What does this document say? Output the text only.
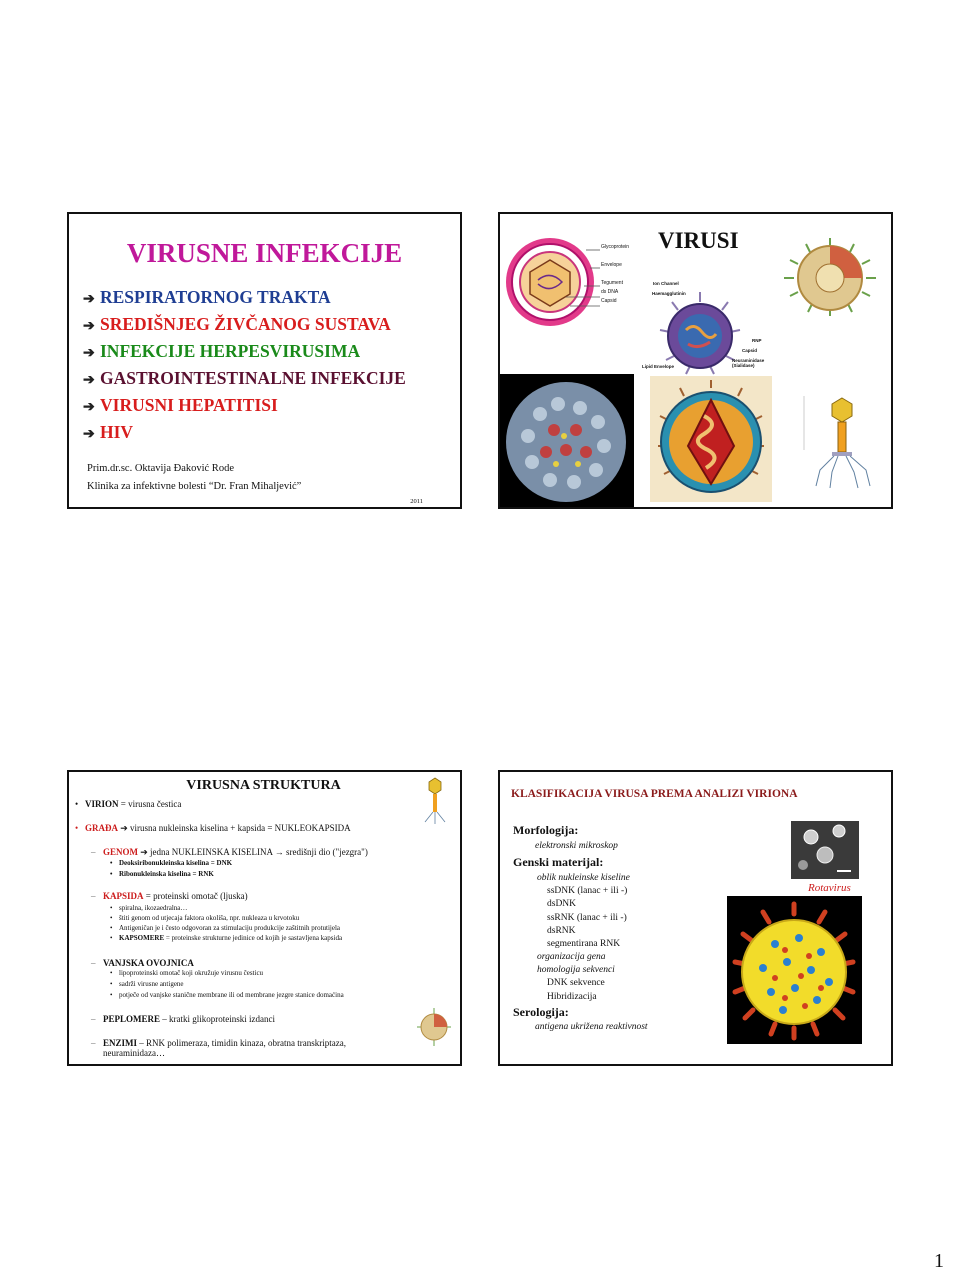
VIRUSNE INFEKCIJE
➔ RESPIRATORNOG TRAKTA
➔ SREDIŠNJEG ŽIVČANOG SUSTAVA
➔ INFEKCIJE HERPESVIRUSIMA
➔ GASTROINTESTINALNE INFEKCIJE
➔ VIRUSNI HEPATITISI
➔ HIV
Prim.dr.sc. Oktavija Đaković Rode
Klinika za infektivne bolesti “Dr. Fran Mihaljević”
2011
VIRUSI
Glycoprotein
Envelope
Tegument
ds DNA
Capsid
Ion Channel
Haemagglutinin
RNP
Capsid
Lipid Envelope
Neuraminidase (Sialidase)
VIRUSNA STRUKTURA
• VIRION = virusna čestica
• GRAĐA ➔ virusna nukleinska kiselina + kapsida = NUKLEOKAPSIDA
– GENOM ➔ jedna NUKLEINSKA KISELINA → središnji dio ("jezgra")
• Deoksiribonukleinska kiselina = DNK
• Ribonukleinska kiselina = RNK
– KAPSIDA = proteinski omotač (ljuska)
• spiralna, ikozaedralna…
• štiti genom od utjecaja faktora okoliša, npr. nukleaza u krvotoku
• Antigeničan je i često odgovoran za stimulaciju produkcije zaštitnih protutijela
• KAPSOMERE = proteinske strukturne jedinice od kojih je sastavljena kapsida
– VANJSKA OVOJNICA
• lipoproteinski omotač koji okružuje virusnu česticu
• sadrži virusne antigene
• potječe od vanjske stanične membrane ili od membrane jezgre stanice domaćina
– PEPLOMERE – kratki glikoproteinski izdanci
– ENZIMI – RNK polimeraza, timidin kinaza, obratna transkriptaza,
neuraminidaza…
KLASIFIKACIJA VIRUSA PREMA ANALIZI VIRIONA
Morfologija:
elektronski mikroskop
Genski materijal:
oblik nukleinske kiseline
ssDNK (lanac + ili -)
dsDNK
ssRNK (lanac + ili -)
dsRNK
segmentirana RNK
organizacija gena
homologija sekvenci
DNK sekvence
Hibridizacija
Serologija:
antigena ukrižena reaktivnost
Rotavirus
1
